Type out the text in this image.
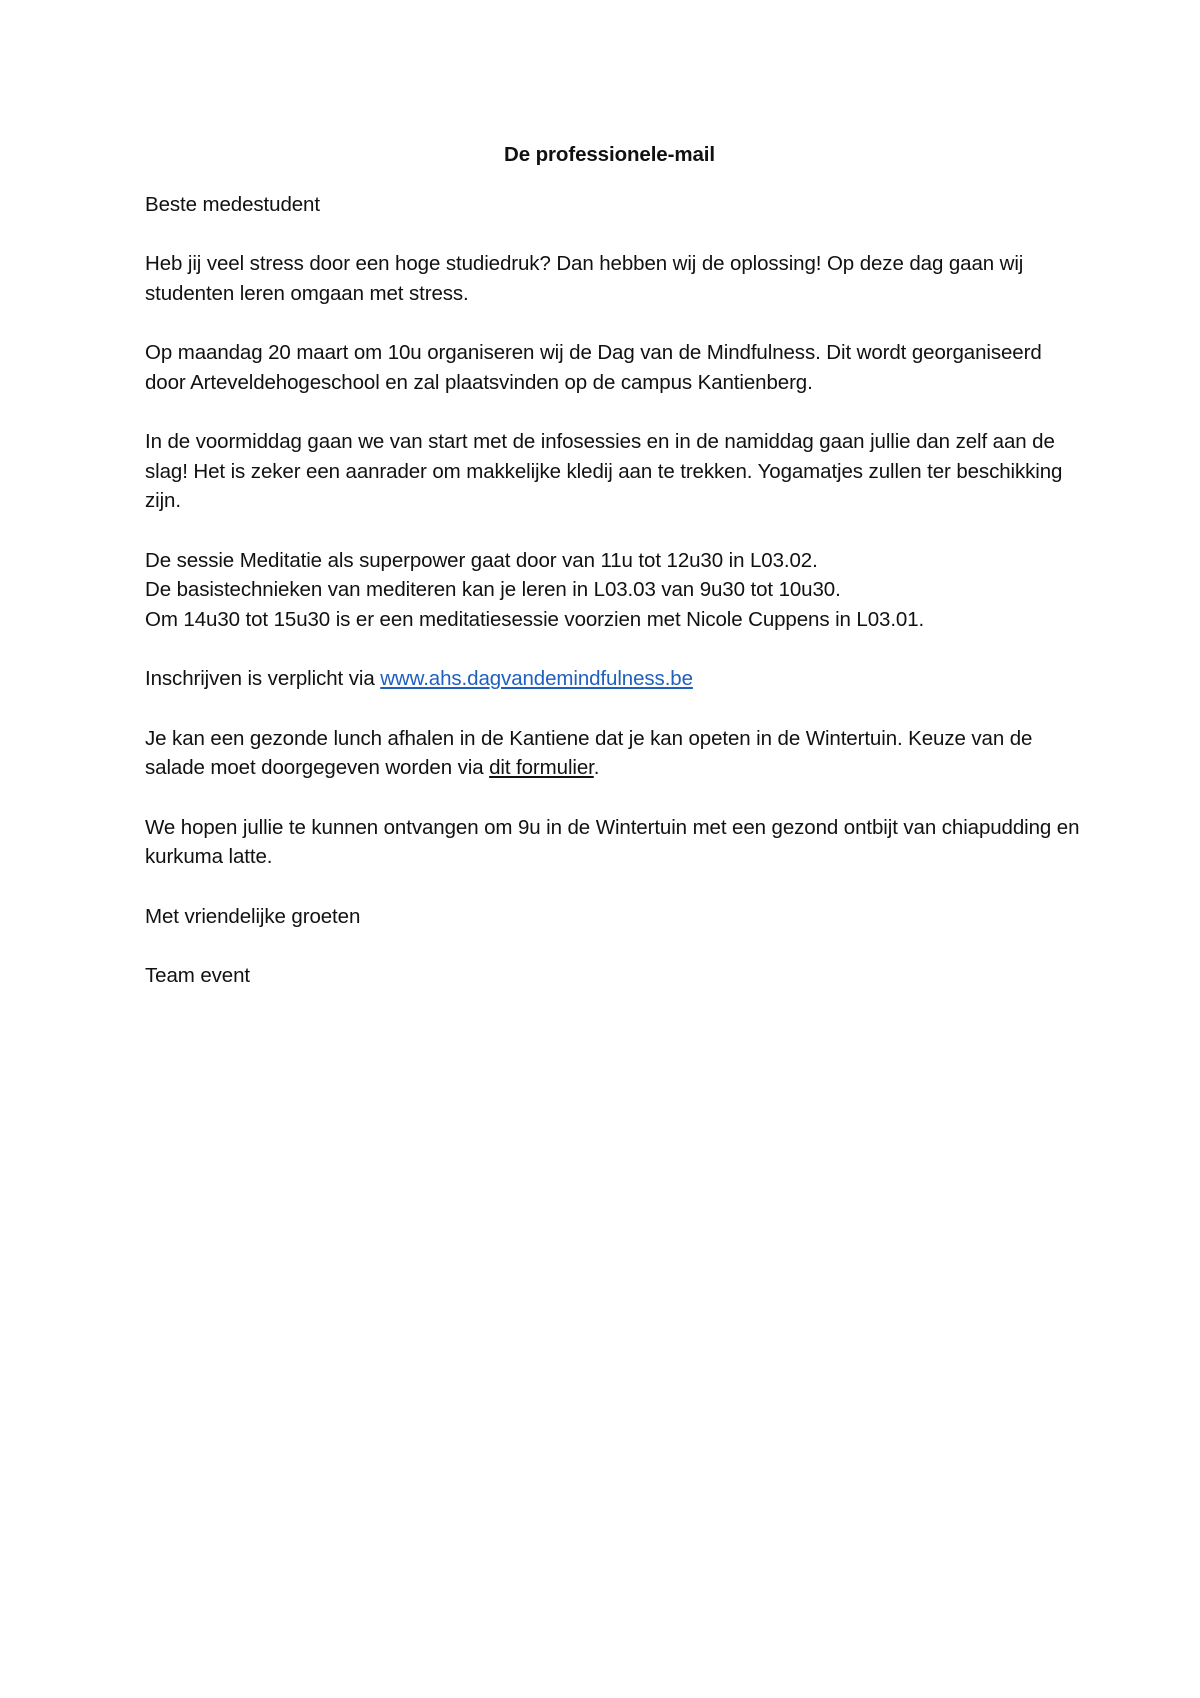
De professionele-mail
Beste medestudent
Heb jij veel stress door een hoge studiedruk? Dan hebben wij de oplossing! Op deze dag gaan wij studenten leren omgaan met stress.
Op maandag 20 maart om 10u organiseren wij de Dag van de Mindfulness. Dit wordt georganiseerd door Arteveldehogeschool en zal plaatsvinden op de campus Kantienberg.
In de voormiddag gaan we van start met de infosessies en in de namiddag gaan jullie dan zelf aan de slag! Het is zeker een aanrader om makkelijke kledij aan te trekken. Yogamatjes zullen ter beschikking zijn.
De sessie Meditatie als superpower gaat door van 11u tot 12u30 in L03.02.
De basistechnieken van mediteren kan je leren in L03.03 van 9u30 tot 10u30.
Om 14u30 tot 15u30 is er een meditatiesessie voorzien met Nicole Cuppens in L03.01.
Inschrijven is verplicht via www.ahs.dagvandemindfulness.be
Je kan een gezonde lunch afhalen in de Kantiene dat je kan opeten in de Wintertuin. Keuze van de salade moet doorgegeven worden via dit formulier.
We hopen jullie te kunnen ontvangen om 9u in de Wintertuin met een gezond ontbijt van chiapudding en kurkuma latte.
Met vriendelijke groeten
Team event
